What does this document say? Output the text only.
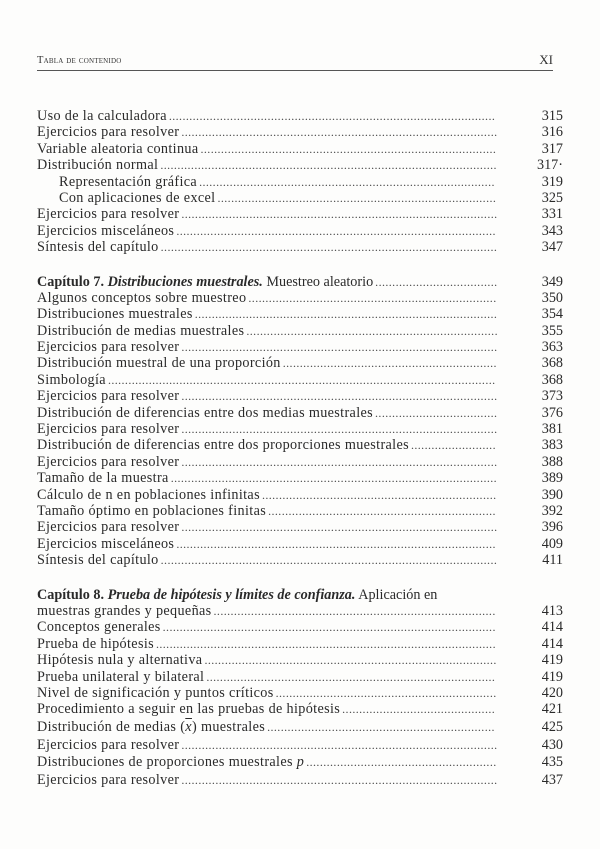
Tabla de contenido	XI
Uso de la calculadora ................................................................................................	315
Ejercicios para resolver .............................................................................................	316
Variable aleatoria continua .......................................................................................	317
Distribución normal ...................................................................................................	317·
Representación gráfica .......................................................................................	319
Con aplicaciones de excel ..................................................................................	325
Ejercicios para resolver .............................................................................................	331
Ejercicios misceláneos ..............................................................................................	343
Síntesis del capítulo ...................................................................................................	347
Capítulo 7. Distribuciones muestrales. Muestreo aleatorio ....................................	349
Algunos conceptos sobre muestreo .........................................................................	350
Distribuciones muestrales .........................................................................................	354
Distribución de medias muestrales ..........................................................................	355
Ejercicios para resolver .............................................................................................	363
Distribución muestral de una proporción ...............................................................	368
Simbología ..................................................................................................................	368
Ejercicios para resolver .............................................................................................	373
Distribución de diferencias entre dos medias muestrales ....................................	376
Ejercicios para resolver .............................................................................................	381
Distribución de diferencias entre dos proporciones muestrales .........................	383
Ejercicios para resolver .............................................................................................	388
Tamaño de la muestra ................................................................................................	389
Cálculo de n en poblaciones infinitas .....................................................................	390
Tamaño óptimo en poblaciones finitas ...................................................................	392
Ejercicios para resolver .............................................................................................	396
Ejercicios misceláneos ..............................................................................................	409
Síntesis del capítulo ...................................................................................................	411
Capítulo 8. Prueba de hipótesis y límites de confianza. Aplicación en
muestras grandes y pequeñas ...................................................................................	413
Conceptos generales ..................................................................................................	414
Prueba de hipótesis ....................................................................................................	414
Hipótesis nula y alternativa ......................................................................................	419
Prueba unilateral y bilateral .....................................................................................	419
Nivel de significación y puntos críticos .................................................................	420
Procedimiento a seguir en las pruebas de hipótesis .............................................	421
Distribución de medias $(\overline{x})$ muestrales ...................................................................	425
Ejercicios para resolver .............................................................................................	430
Distribuciones de proporciones muestrales p ........................................................	435
Ejercicios para resolver .............................................................................................	437
